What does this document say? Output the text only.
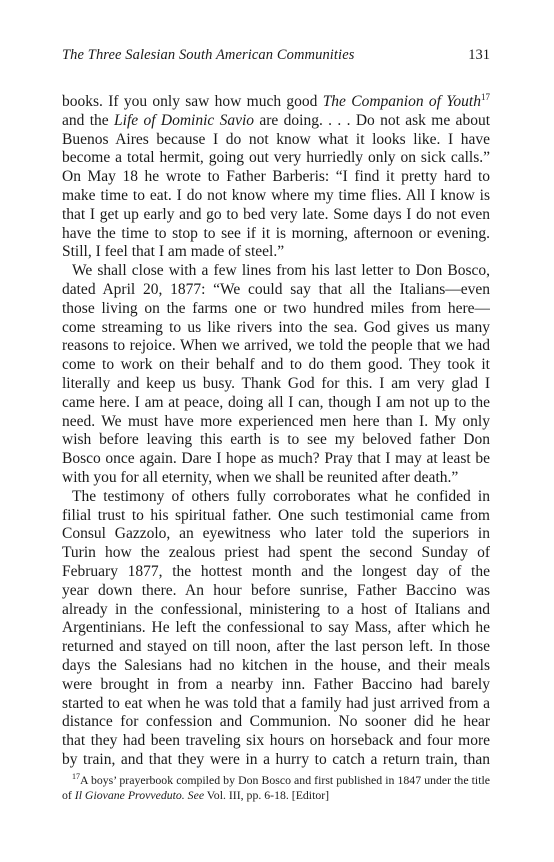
The Three Salesian South American Communities	131
books. If you only saw how much good The Companion of Youth$^{17}$
and the Life of Dominic Savio are doing. . . . Do not ask me about
Buenos Aires because I do not know what it looks like. I have
become a total hermit, going out very hurriedly only on sick calls.”
On May 18 he wrote to Father Barberis: “I find it pretty hard to
make time to eat. I do not know where my time flies. All I know is
that I get up early and go to bed very late. Some days I do not even
have the time to stop to see if it is morning, afternoon or evening.
Still, I feel that I am made of steel.”
We shall close with a few lines from his last letter to Don Bosco,
dated April 20, 1877: “We could say that all the Italians—even
those living on the farms one or two hundred miles from here—
come streaming to us like rivers into the sea. God gives us many
reasons to rejoice. When we arrived, we told the people that we had
come to work on their behalf and to do them good. They took it
literally and keep us busy. Thank God for this. I am very glad I
came here. I am at peace, doing all I can, though I am not up to the
need. We must have more experienced men here than I. My only
wish before leaving this earth is to see my beloved father Don
Bosco once again. Dare I hope as much? Pray that I may at least be
with you for all eternity, when we shall be reunited after death.”
The testimony of others fully corroborates what he confided in
filial trust to his spiritual father. One such testimonial came from
Consul Gazzolo, an eyewitness who later told the superiors in
Turin how the zealous priest had spent the second Sunday of
February 1877, the hottest month and the longest day of the
year down there. An hour before sunrise, Father Baccino was
already in the confessional, ministering to a host of Italians and
Argentinians. He left the confessional to say Mass, after which he
returned and stayed on till noon, after the last person left. In those
days the Salesians had no kitchen in the house, and their meals
were brought in from a nearby inn. Father Baccino had barely
started to eat when he was told that a family had just arrived from a
distance for confession and Communion. No sooner did he hear
that they had been traveling six hours on horseback and four more
by train, and that they were in a hurry to catch a return train, than
$^{17}$A boys’ prayerbook compiled by Don Bosco and first published in 1847 under the title
of Il Giovane Provveduto. See Vol. III, pp. 6-18. [Editor]
